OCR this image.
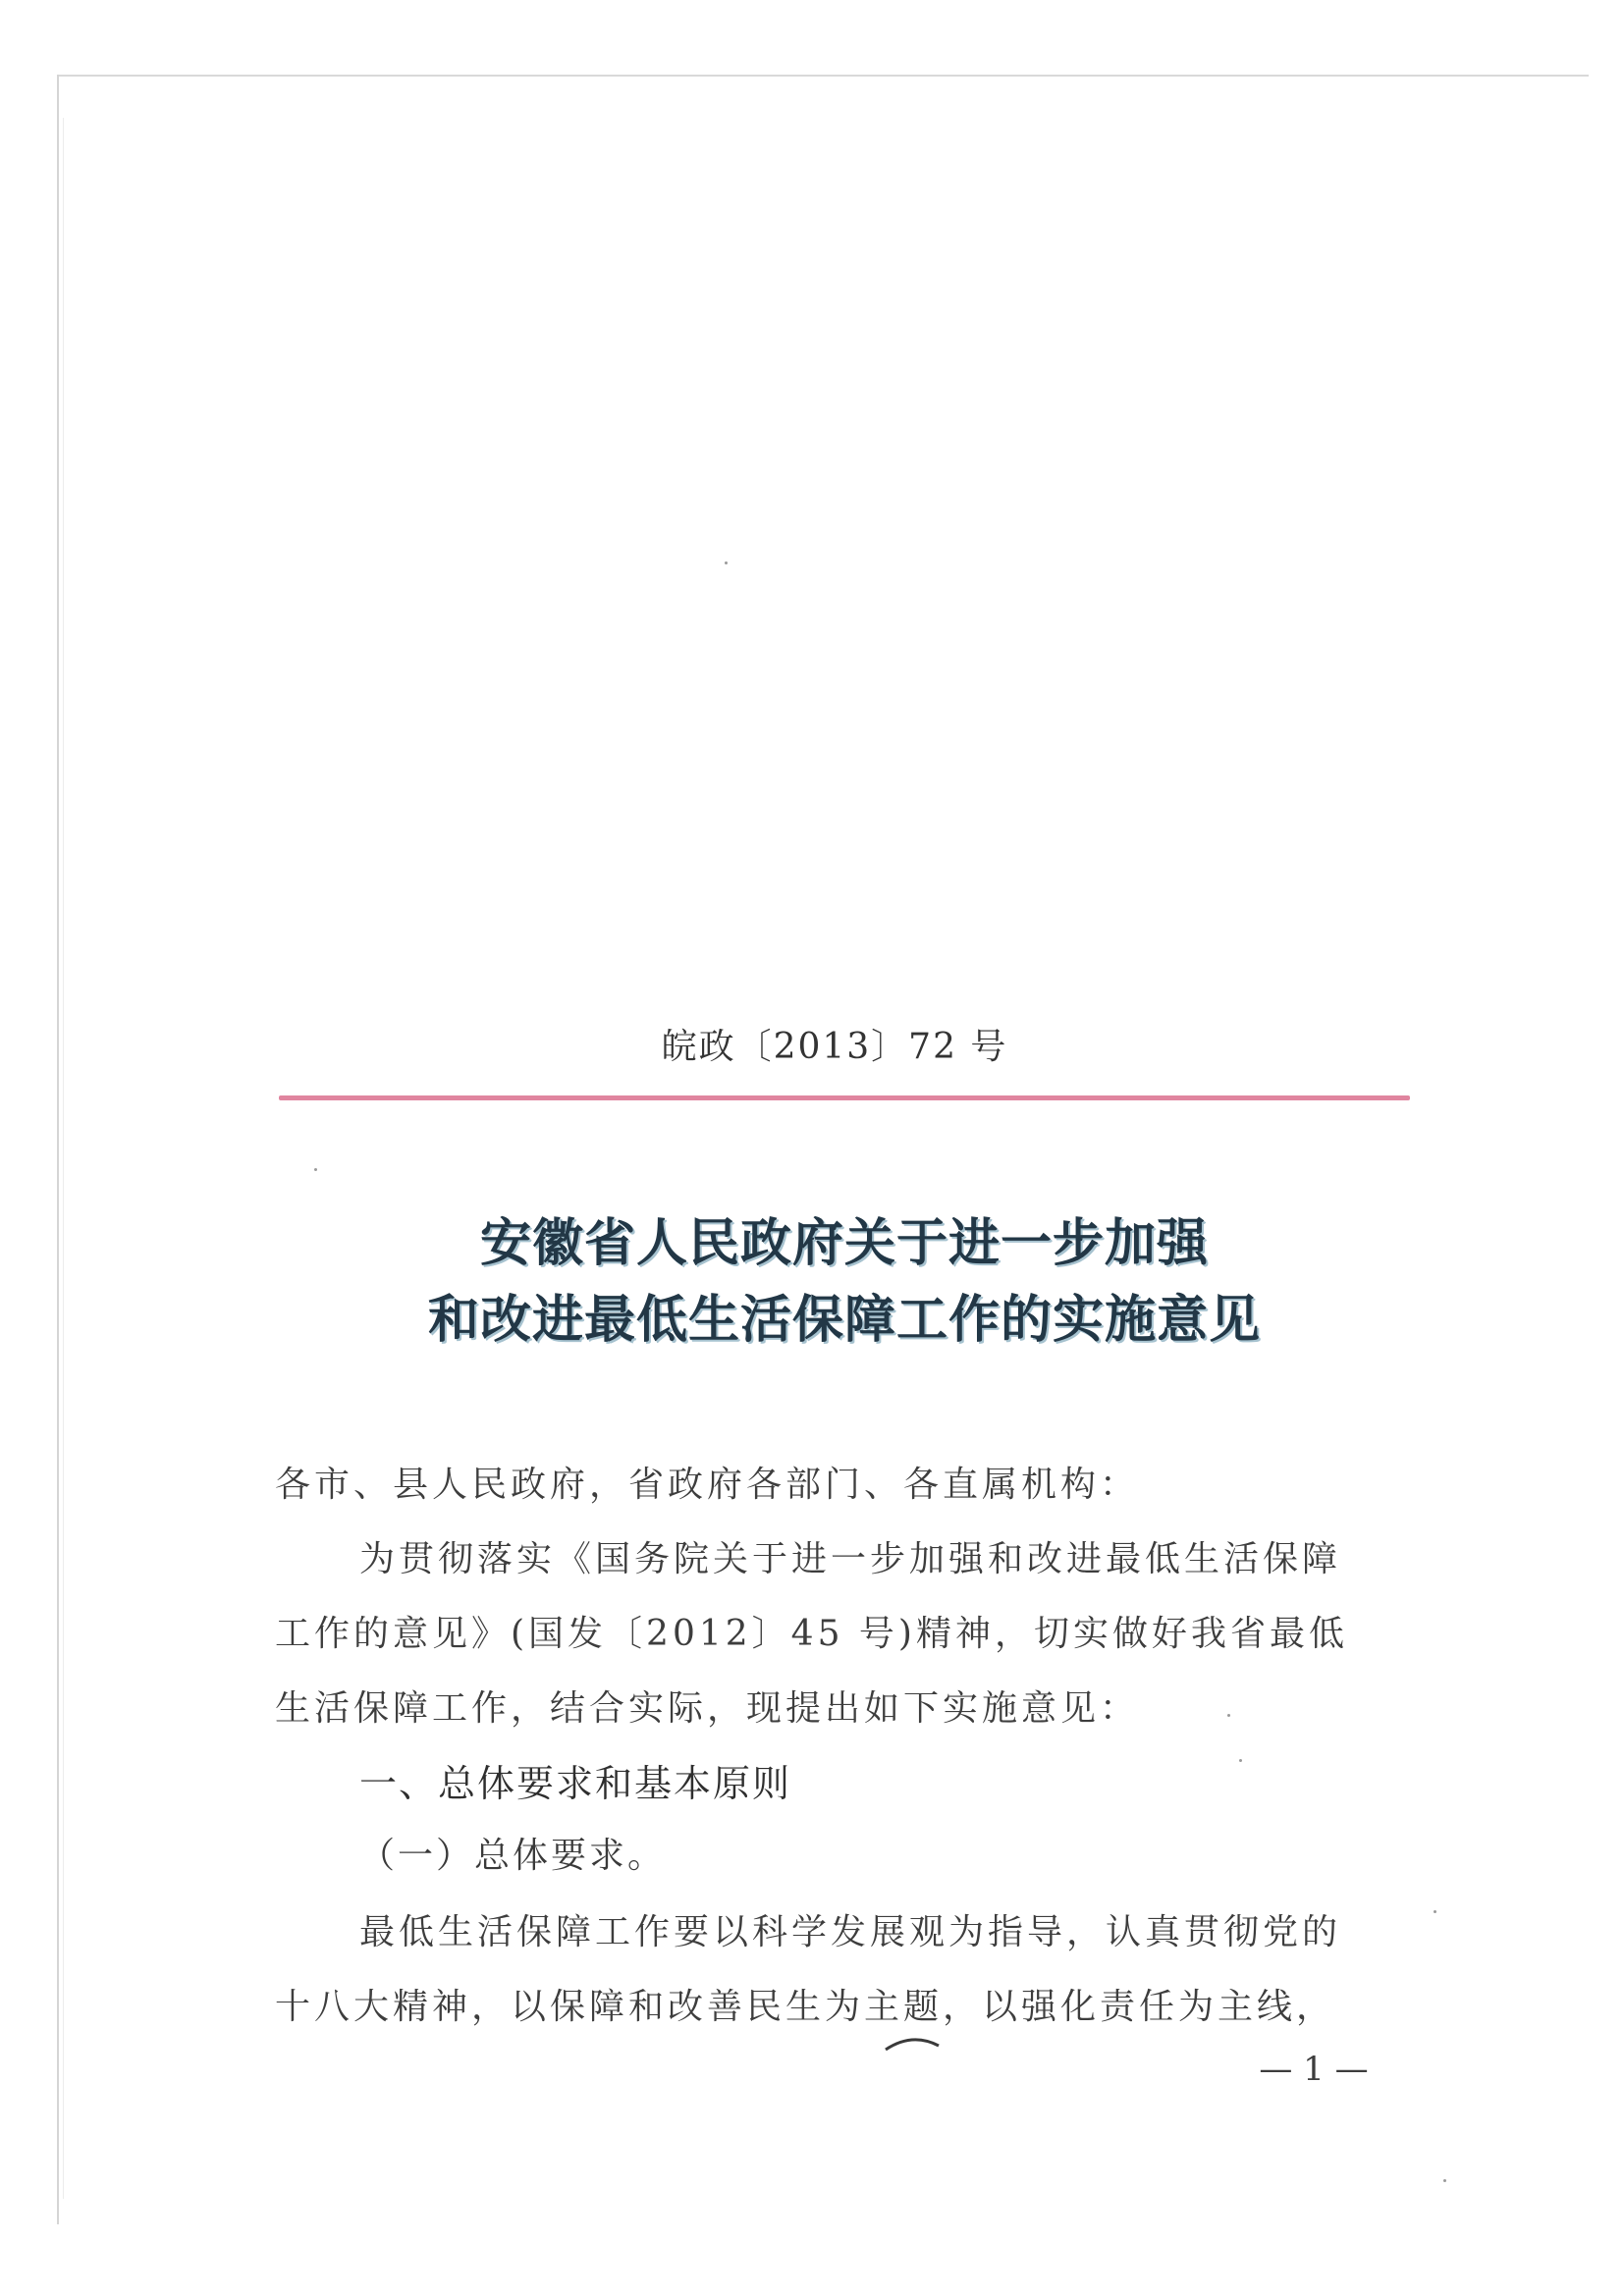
皖政〔2013〕72 号
安徽省人民政府关于进一步加强
和改进最低生活保障工作的实施意见
各市、县人民政府，省政府各部门、各直属机构：
为贯彻落实《国务院关于进一步加强和改进最低生活保障
工作的意见》(国发〔2012〕45 号)精神，切实做好我省最低
生活保障工作，结合实际，现提出如下实施意见：
一、总体要求和基本原则
（一）总体要求。
最低生活保障工作要以科学发展观为指导，认真贯彻党的
十八大精神，以保障和改善民生为主题，以强化责任为主线，
— 1 —
